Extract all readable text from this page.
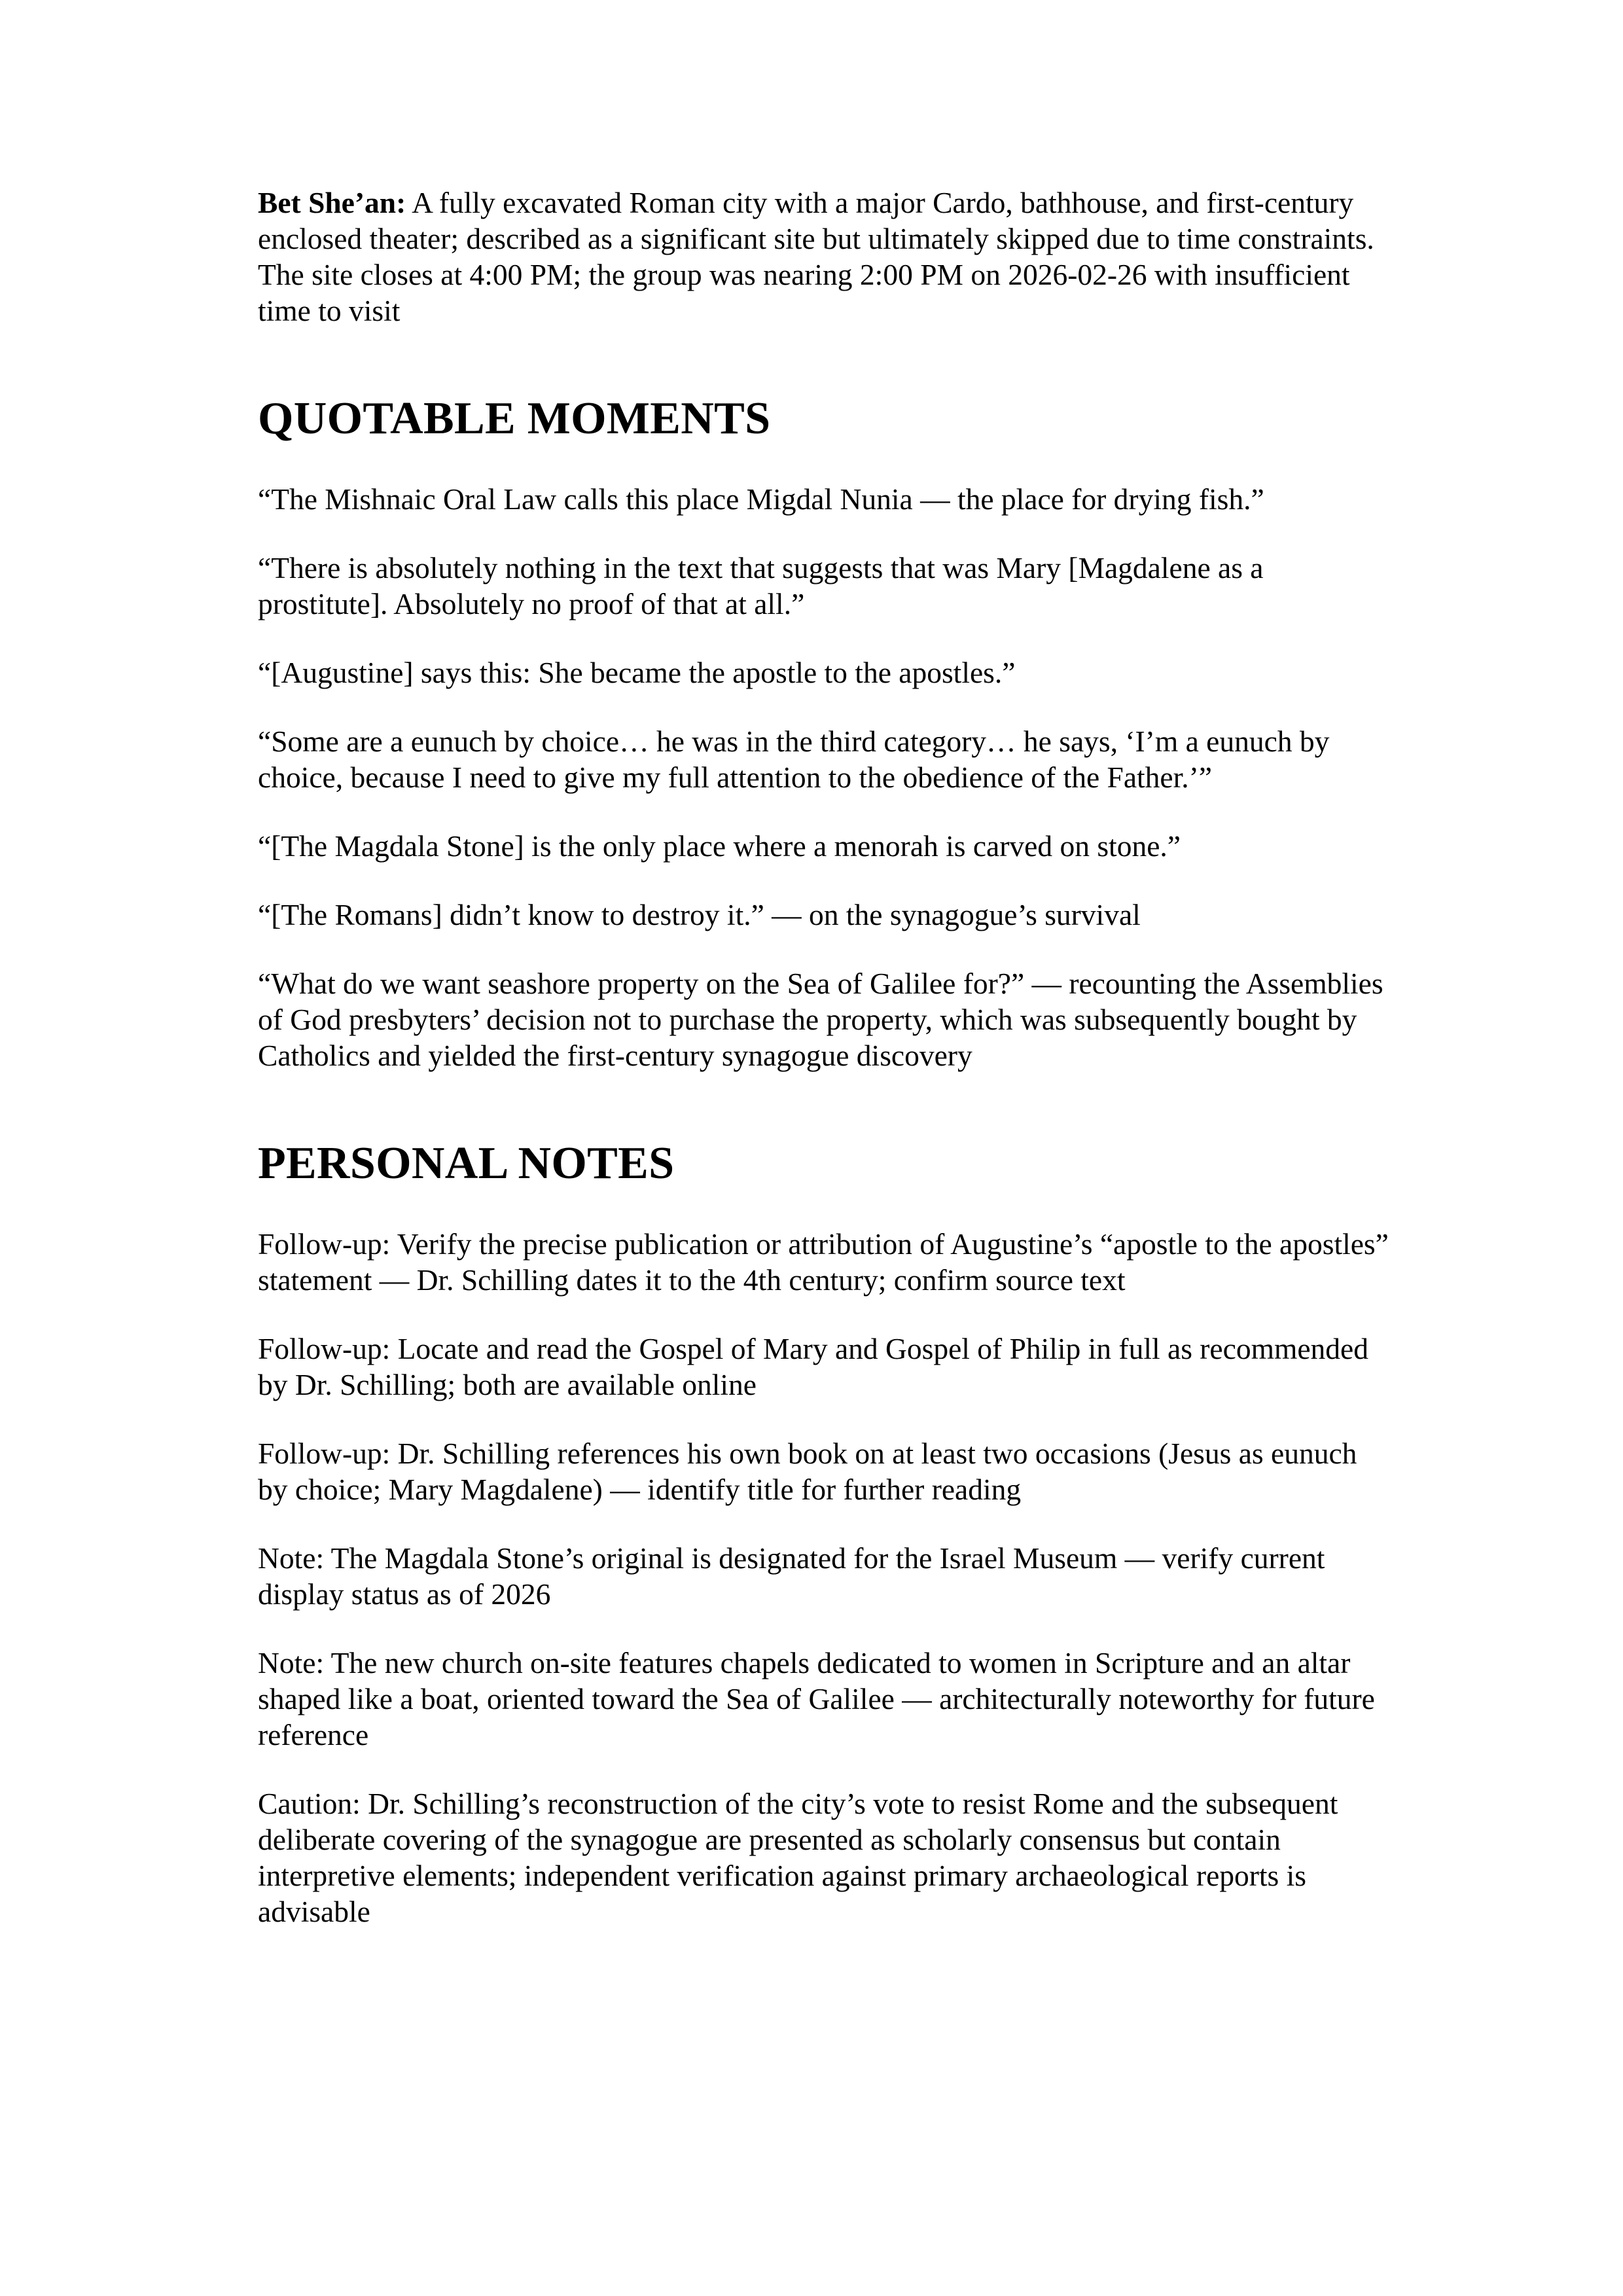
Bet She’an: A fully excavated Roman city with a major Cardo, bathhouse, and first-century enclosed theater; described as a significant site but ultimately skipped due to time constraints. The site closes at 4:00 PM; the group was nearing 2:00 PM on 2026-02-26 with insufficient time to visit

QUOTABLE MOMENTS

“The Mishnaic Oral Law calls this place Migdal Nunia — the place for drying fish.”

“There is absolutely nothing in the text that suggests that was Mary [Magdalene as a prostitute]. Absolutely no proof of that at all.”

“[Augustine] says this: She became the apostle to the apostles.”

“Some are a eunuch by choice… he was in the third category… he says, ‘I’m a eunuch by choice, because I need to give my full attention to the obedience of the Father.’”

“[The Magdala Stone] is the only place where a menorah is carved on stone.”

“[The Romans] didn’t know to destroy it.” — on the synagogue’s survival

“What do we want seashore property on the Sea of Galilee for?” — recounting the Assemblies of God presbyters’ decision not to purchase the property, which was subsequently bought by Catholics and yielded the first-century synagogue discovery

PERSONAL NOTES

Follow-up: Verify the precise publication or attribution of Augustine’s “apostle to the apostles” statement — Dr. Schilling dates it to the 4th century; confirm source text

Follow-up: Locate and read the Gospel of Mary and Gospel of Philip in full as recommended by Dr. Schilling; both are available online

Follow-up: Dr. Schilling references his own book on at least two occasions (Jesus as eunuch by choice; Mary Magdalene) — identify title for further reading

Note: The Magdala Stone’s original is designated for the Israel Museum — verify current display status as of 2026

Note: The new church on-site features chapels dedicated to women in Scripture and an altar shaped like a boat, oriented toward the Sea of Galilee — architecturally noteworthy for future reference

Caution: Dr. Schilling’s reconstruction of the city’s vote to resist Rome and the subsequent deliberate covering of the synagogue are presented as scholarly consensus but contain interpretive elements; independent verification against primary archaeological reports is advisable
